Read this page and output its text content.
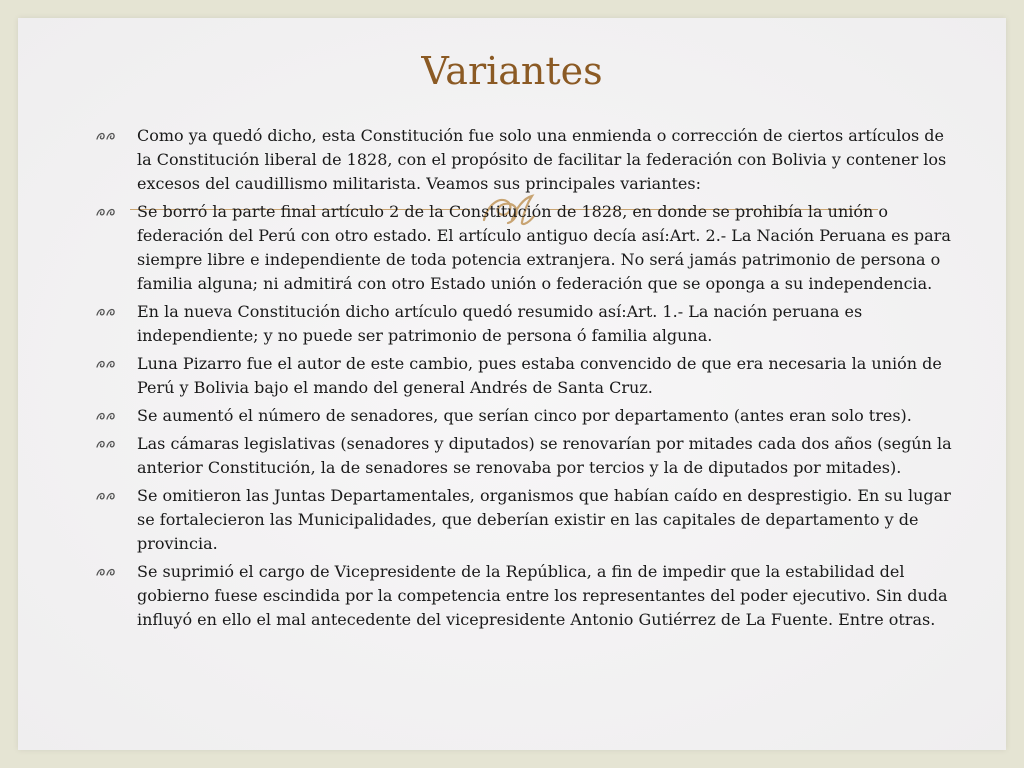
Variantes
Como ya quedó dicho, esta Constitución fue solo una enmienda o corrección de ciertos artículos de la Constitución liberal de 1828, con el propósito de facilitar la federación con Bolivia y contener los excesos del caudillismo militarista. Veamos sus principales variantes:
Se borró la parte final artículo 2 de la Constitución de 1828, en donde se prohibía la unión o federación del Perú con otro estado. El artículo antiguo decía así:Art. 2.- La Nación Peruana es para siempre libre e independiente de toda potencia extranjera. No será jamás patrimonio de persona o familia alguna; ni admitirá con otro Estado unión o federación que se oponga a su independencia.
En la nueva Constitución dicho artículo quedó resumido así:Art. 1.- La nación peruana es independiente; y no puede ser patrimonio de persona ó familia alguna.
Luna Pizarro fue el autor de este cambio, pues estaba convencido de que era necesaria la unión de Perú y Bolivia bajo el mando del general Andrés de Santa Cruz.
Se aumentó el número de senadores, que serían cinco por departamento (antes eran solo tres).
Las cámaras legislativas (senadores y diputados) se renovarían por mitades cada dos años (según la anterior Constitución, la de senadores se renovaba por tercios y la de diputados por mitades).
Se omitieron las Juntas Departamentales, organismos que habían caído en desprestigio. En su lugar se fortalecieron las Municipalidades, que deberían existir en las capitales de departamento y de provincia.
Se suprimió el cargo de Vicepresidente de la República, a fin de impedir que la estabilidad del gobierno fuese escindida por la competencia entre los representantes del poder ejecutivo. Sin duda influyó en ello el mal antecedente del vicepresidente Antonio Gutiérrez de La Fuente. Entre otras.
